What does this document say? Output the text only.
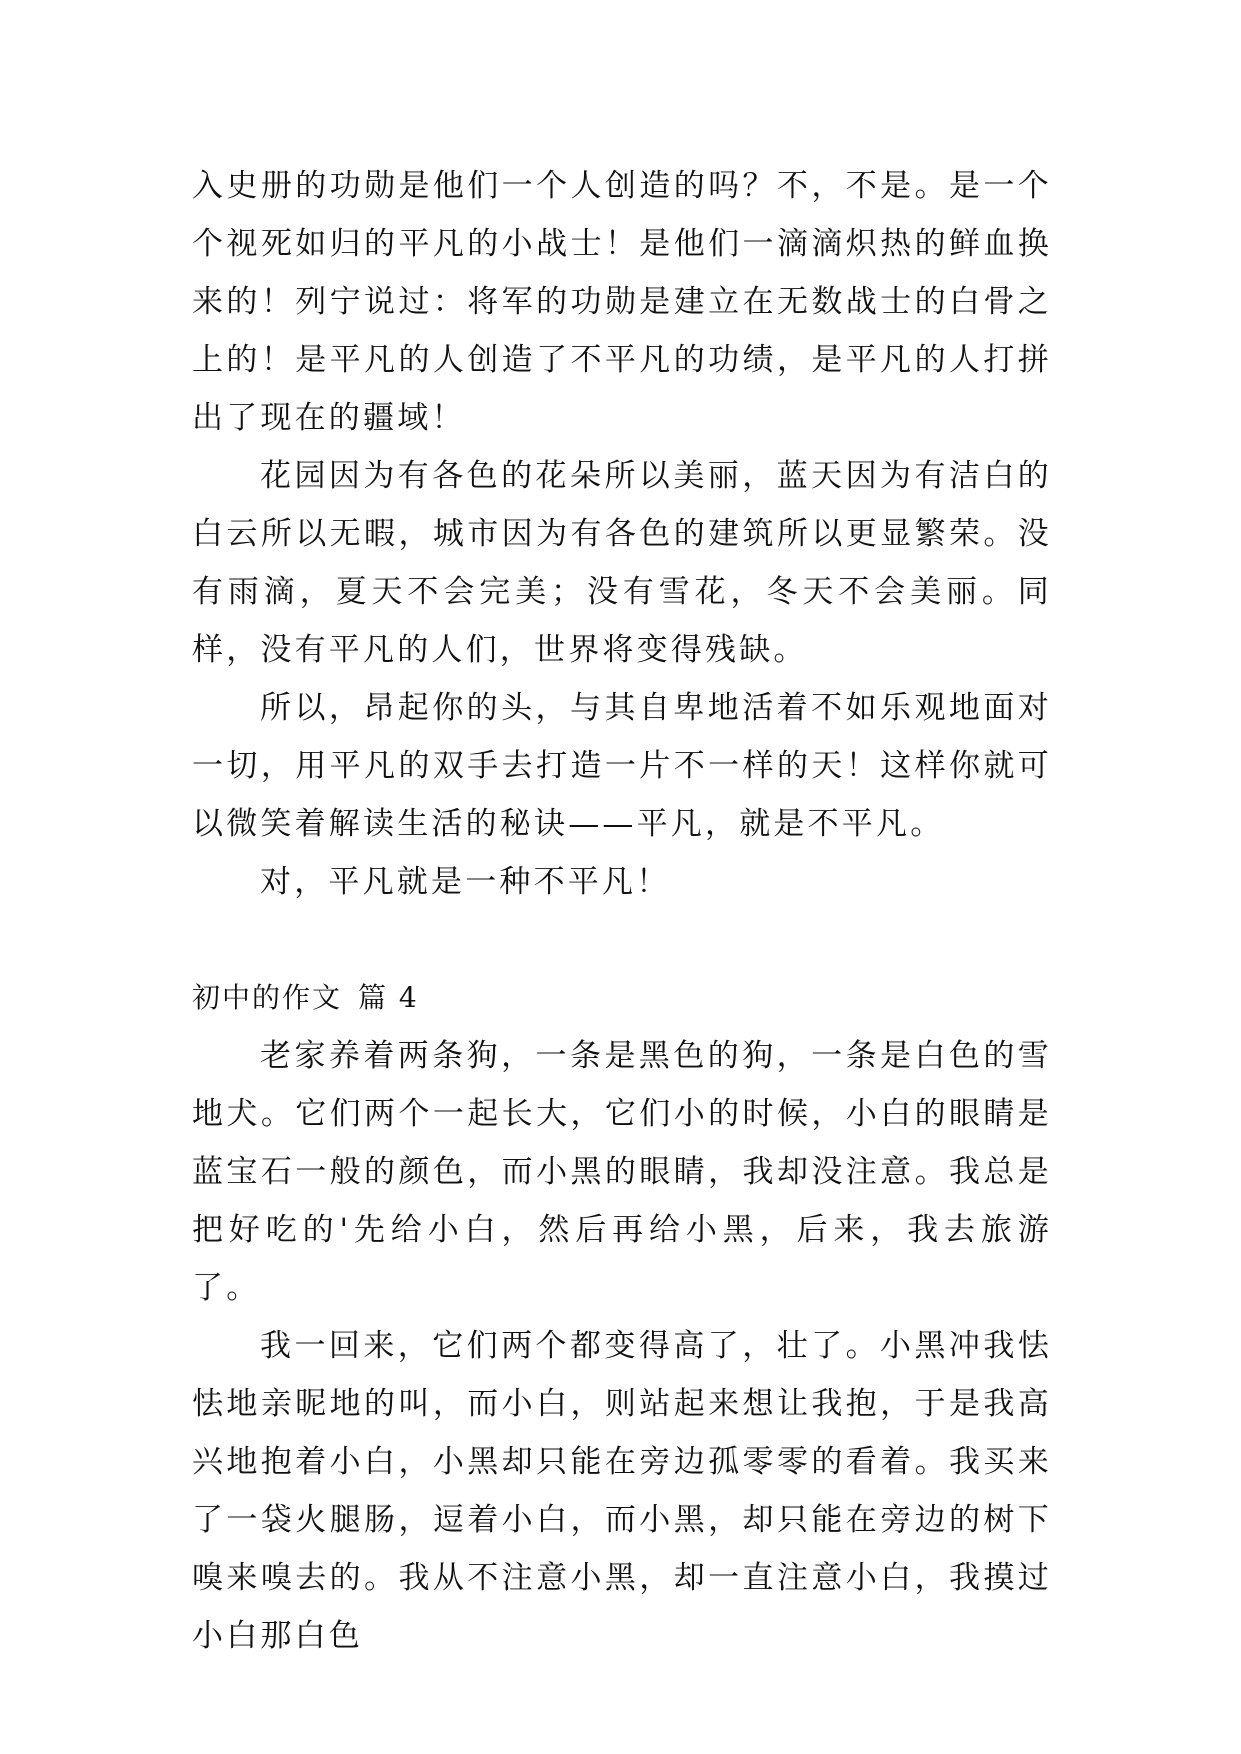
入史册的功勋是他们一个人创造的吗？不，不是。是一个个视死如归的平凡的小战士！是他们一滴滴炽热的鲜血换来的！列宁说过：将军的功勋是建立在无数战士的白骨之上的！是平凡的人创造了不平凡的功绩，是平凡的人打拼出了现在的疆域！

花园因为有各色的花朵所以美丽，蓝天因为有洁白的白云所以无暇，城市因为有各色的建筑所以更显繁荣。没有雨滴，夏天不会完美；没有雪花，冬天不会美丽。同样，没有平凡的人们，世界将变得残缺。

所以，昂起你的头，与其自卑地活着不如乐观地面对一切，用平凡的双手去打造一片不一样的天！这样你就可以微笑着解读生活的秘诀——平凡，就是不平凡。

对，平凡就是一种不平凡！

初中的作文 篇 4

老家养着两条狗，一条是黑色的狗，一条是白色的雪地犬。它们两个一起长大，它们小的时候，小白的眼睛是蓝宝石一般的颜色，而小黑的眼睛，我却没注意。我总是把好吃的'先给小白，然后再给小黑，后来，我去旅游了。

我一回来，它们两个都变得高了，壮了。小黑冲我怯怯地亲昵地的叫，而小白，则站起来想让我抱，于是我高兴地抱着小白，小黑却只能在旁边孤零零的看着。我买来了一袋火腿肠，逗着小白，而小黑，却只能在旁边的树下嗅来嗅去的。我从不注意小黑，却一直注意小白，我摸过小白那白色
